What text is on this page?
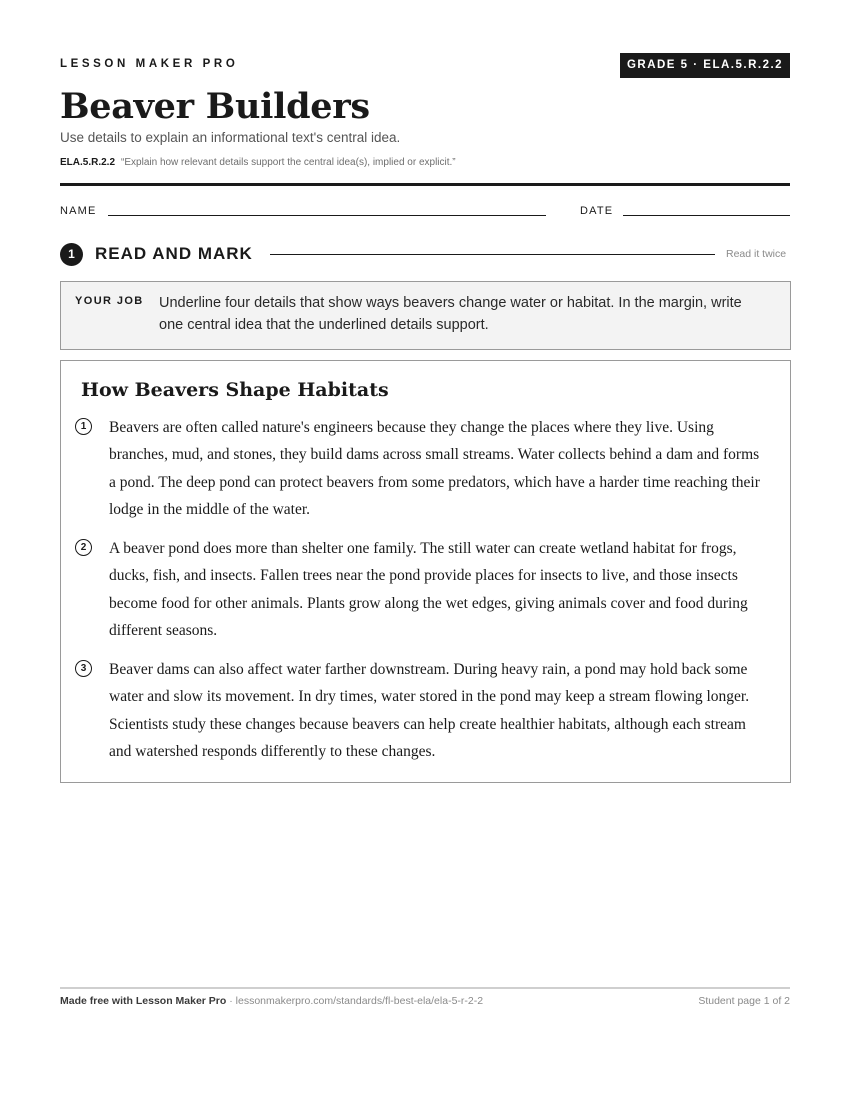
LESSON MAKER PRO	GRADE 5 · ELA.5.R.2.2
Beaver Builders
Use details to explain an informational text's central idea.
ELA.5.R.2.2 “Explain how relevant details support the central idea(s), implied or explicit.”
NAME	DATE
1	READ AND MARK	Read it twice
YOUR JOB Underline four details that show ways beavers change water or habitat. In the margin, write one central idea that the underlined details support.
How Beavers Shape Habitats
1	Beavers are often called nature's engineers because they change the places where they live. Using branches, mud, and stones, they build dams across small streams. Water collects behind a dam and forms a pond. The deep pond can protect beavers from some predators, which have a harder time reaching their lodge in the middle of the water.
2	A beaver pond does more than shelter one family. The still water can create wetland habitat for frogs, ducks, fish, and insects. Fallen trees near the pond provide places for insects to live, and those insects become food for other animals. Plants grow along the wet edges, giving animals cover and food during different seasons.
3	Beaver dams can also affect water farther downstream. During heavy rain, a pond may hold back some water and slow its movement. In dry times, water stored in the pond may keep a stream flowing longer. Scientists study these changes because beavers can help create healthier habitats, although each stream and watershed responds differently to these changes.
Made free with Lesson Maker Pro · lessonmakerpro.com/standards/fl-best-ela/ela-5-r-2-2	Student page 1 of 2
